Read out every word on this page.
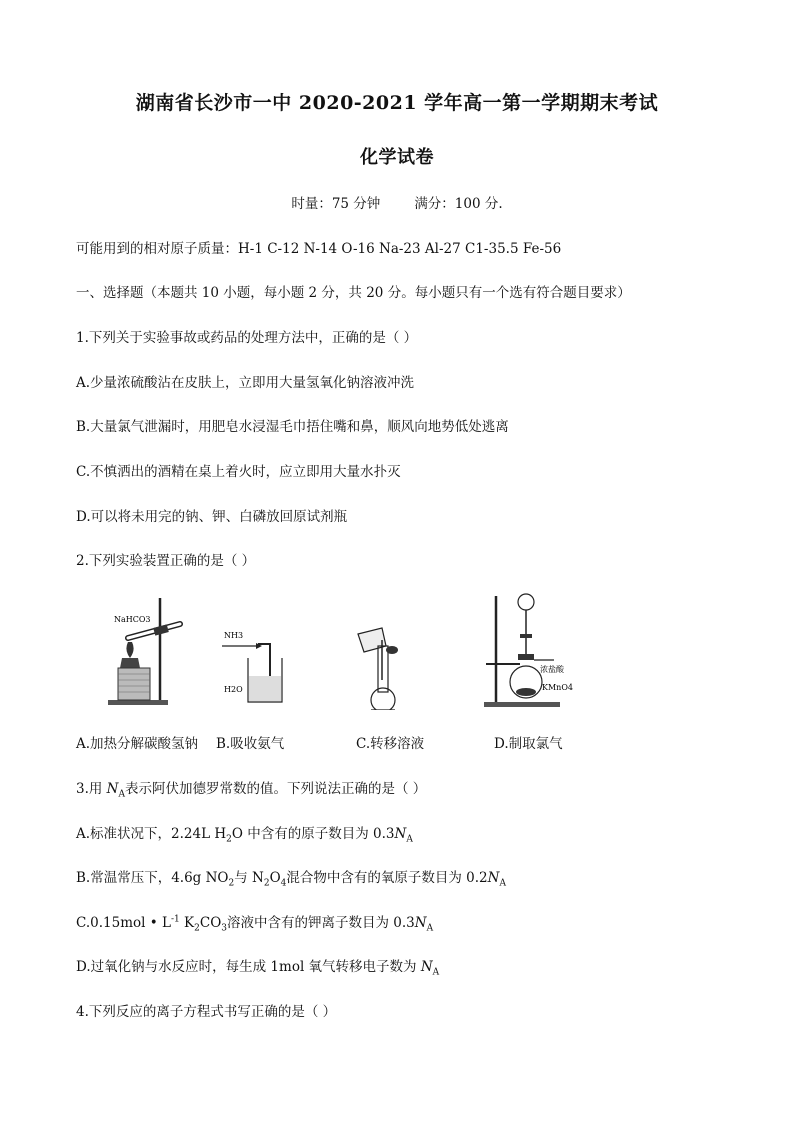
湖南省长沙市一中 2020-2021 学年高一第一学期期末考试
化学试卷
时量：75 分钟	满分：100 分.
可能用到的相对原子质量：H-1 C-12 N-14 O-16 Na-23 Al-27 C1-35.5 Fe-56
一、选择题（本题共 10 小题，每小题 2 分，共 20 分。每小题只有一个选有符合题目要求）
1.下列关于实验事故或药品的处理方法中，正确的是（ ）
A.少量浓硫酸沾在皮肤上，立即用大量氢氧化钠溶液冲洗
B.大量氯气泄漏时，用肥皂水浸湿毛巾捂住嘴和鼻，顺风向地势低处逃离
C.不慎洒出的酒精在桌上着火时，应立即用大量水扑灭
D.可以将未用完的钠、钾、白磷放回原试剂瓶
2.下列实验装置正确的是（ ）
NaHCO3
NH3
H2O
浓盐酸
KMnO4
A.加热分解碳酸氢钠 B.吸收氨气	C.转移溶液	D.制取氯气
3.用 $N_A$表示阿伏加德罗常数的值。下列说法正确的是（ ）
A.标准状况下，2.24L $H_2O$ 中含有的原子数目为 $0.3N_A$
B.常温常压下，4.6g $NO_2$与 $N_2O_4$混合物中含有的氧原子数目为 $0.2N_A$
C.0.15mol • $L^{-1}$ $K_2CO_3$溶液中含有的钾离子数目为 $0.3N_A$
D.过氧化钠与水反应时，每生成 1mol 氧气转移电子数为 $N_A$
4.下列反应的离子方程式书写正确的是（ ）
